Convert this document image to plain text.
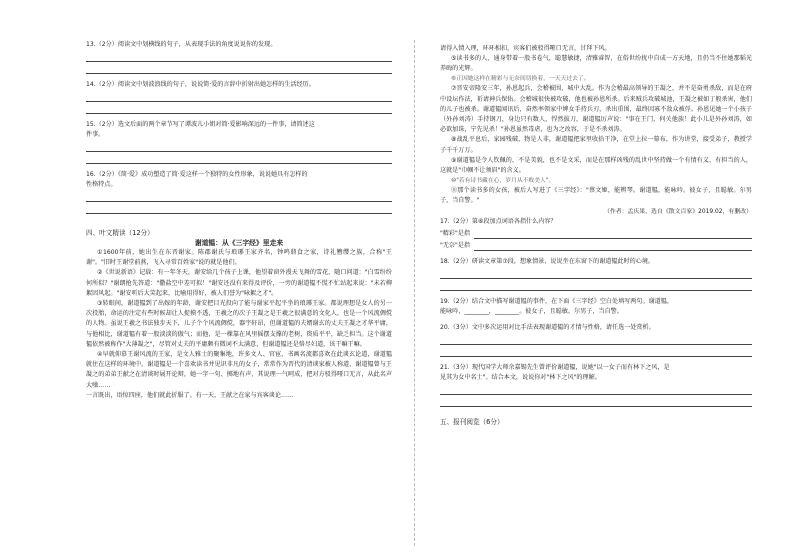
13.（2分）阅读文中划横线的句子，从表现手法的角度说说你的发现。

14.（2分）阅读文中划波浪线的句子，说说简·爱的言辞中折射出她怎样的生活经历。

15.（2分）选文后面的两个章节写了谭波儿小姐对简·爱影响深远的一件事，请简述这

件事。

16.（2分）《简·爱》成功塑造了简·爱这样一个独特的女性形象，说说她具有怎样的

性格特点。

四、叶文精读（12分）

谢道韫：从《三字经》里走来

①1600年前，她出生在东晋谢家。陈郡谢氏与琅琊王家齐名，钟鸣鼎食之家，诗礼簪缨之族，合称"王谢"。"旧时王谢堂前燕，飞入寻常百姓家"说的就是他们。

②《世说新语》记载：有一年冬天，谢安给几个孩子上课，他望着窗外漫天飞舞的雪花，随口问道："白雪纷纷何所似？"谢朗抢先答道："撒盐空中差可拟！"谢安还没有来得及评价，一旁的谢道韫不慌不忙站起来说："未若柳絮因风起。"谢安听后大笑起来，比喻用得好，被人们誉为"咏絮之才"。

③转眼间，谢道韫到了出嫁的年龄，谢安把目光投向了能与谢家平起平坐的琅琊王家。都说理想是女人的另一次投胎，命运的注定有些时候却让人捉摸不透，王羲之的次子王凝之是王羲之很满意的文化人，也是一个风流倜傥的人物。虽说王羲之书法独步天下，儿子个个风流倜傥，器宇轩昂，但谢道韫的夫婿谢玄的丈夫王凝之才华平庸，与他相比，谢道韫有着一股淡淡的傲气；而他，是一棵靠在风里摇摆支撑的老树，资质平平，缺乏担当。这个谢道韫依然被称作"大薄凝之"，尽管对丈夫的平庸颇有微词不太满意，但谢道韫还是恪尽妇道，该干嘛干嘛。

④早就仰慕王谢风流的王家，是文人雅士的聚集地，许多文人、官宦、书画名流都喜欢在此谈玄论道，谢道韫就住在这样的环境中。谢道韫是一个喜欢读书并见识非凡的女子，常常作为晋代的清谈家被人称道，谢道韫曾与王凝之的弟弟王献之在清谈时展开论辩，她一字一句、掷地有声，其说理一气呵成，把对方驳得哑口无言，从此名声大噪……

一言既出，语惊四座，他们就此折服了。有一天，王献之在家与宾客谈论……

请得入情入理，环环相扣，宾客们被驳得哑口无言，甘拜下风。

⑤读书多的人，通身带着一股书卷气，聪慧敏捷，清雅睿智，在俗世纷扰中自成一方天地，且仍当不住她那韬光养晦的光辉。

⑥正因她这样在精彩与无奈间切换着，一天天过去了。

⑦晋安帝隆安三年，孙恩起兵，会稽被围，城中大乱。作为会稽最高领导的王凝之，并不是奋勇杀敌，而是在府中设坛作法，祈请神兵保佑。会稽城很快被攻破，他也被孙恩所杀。后来贼兵攻破城池，王凝之被如丁般杀害，他们的儿子也被杀。谢道韫闻讯后，奋然率领家中婢女手持兵刃，杀出重围，最终因寡不敌众被俘。孙恩见她一个小孩子（外孙刘涛）手持钢刀，身边只有数人，悍然拔刀，谢道韫厉声说："事在王门，何关他族！此小儿是外孙刘涛，如必欲加诛，宁先见杀！"孙恩虽然毒虐，也为之改容，于是不杀刘涛。

⑧战乱平息后，家园残破，物是人非，谢道韫把家里收拾干净，在堂上拉一幕布，作为讲堂，接受弟子，教授学子千千万万。

⑨谢道韫是令人钦佩的，不是美貌，也不是文采，而是在那样凶残的乱世中坚持做一个有情有义、有担当的人，这就是"巾帼不让须眉"的含义。

⑩"若有诗书藏在心，岁月从不败美人"。

⑪那个读书多的女孩，被后人写进了《三字经》："蔡文姬，能辨琴。谢道韫，能咏吟。彼女子，且聪敏。尔男子，当自警。"

（作者：孟庆果，选自《散文百家》2019.02，有删改）

17.（2分）第⑥段加点词语各指什么内容？

"精彩"是指
"无奈"是指

18.（2分）研读文章第⑦段，想象情景，说说坐在东窗下的谢道韫此时的心境。

19.（2分）结合文中描写谢道韫的事件，在下面《三字经》空白处填写两句。谢道韫，

能咏吟，________，________。彼女子，且聪敏。尔男子，当自警。

20.（3分）文中多次运用对比手法表现谢道韫的才情与性格，请任选一处赏析。

21.（3分）现代国学大师余嘉锡先生曾评价谢道韫，说她"以一女子而有林下之风，是

见其为女中名士"。结合本文，说说你对"林下之风"的理解。

五、报刊阅览（6分）
